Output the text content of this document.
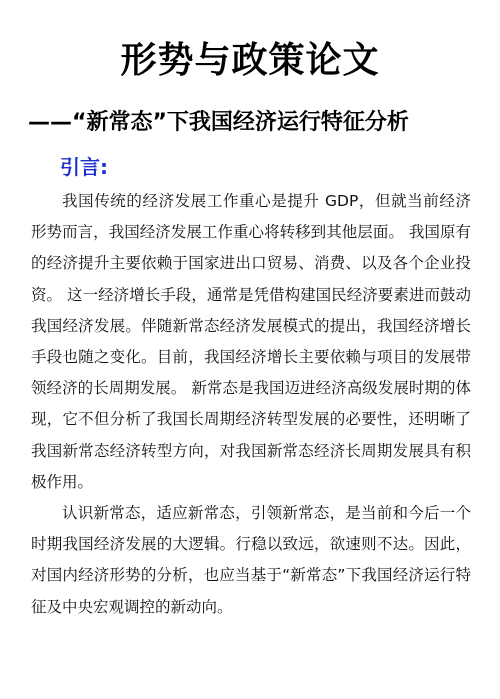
形势与政策论文
——“新常态”下我国经济运行特征分析
引言:

我国传统的经济发展工作重心是提升 GDP，但就当前经济形势而言，我国经济发展工作重心将转移到其他层面。 我国原有的经济提升主要依赖于国家进出口贸易、消费、以及各个企业投资。 这一经济增长手段，通常是凭借构建国民经济要素进而鼓动我国经济发展。伴随新常态经济发展模式的提出，我国经济增长手段也随之变化。目前，我国经济增长主要依赖与项目的发展带领经济的长周期发展。 新常态是我国迈进经济高级发展时期的体现，它不但分析了我国长周期经济转型发展的必要性，还明晰了我国新常态经济转型方向，对我国新常态经济长周期发展具有积极作用。

认识新常态，适应新常态，引领新常态，是当前和今后一个时期我国经济发展的大逻辑。行稳以致远，欲速则不达。因此，对国内经济形势的分析，也应当基于“新常态”下我国经济运行特征及中央宏观调控的新动向。
